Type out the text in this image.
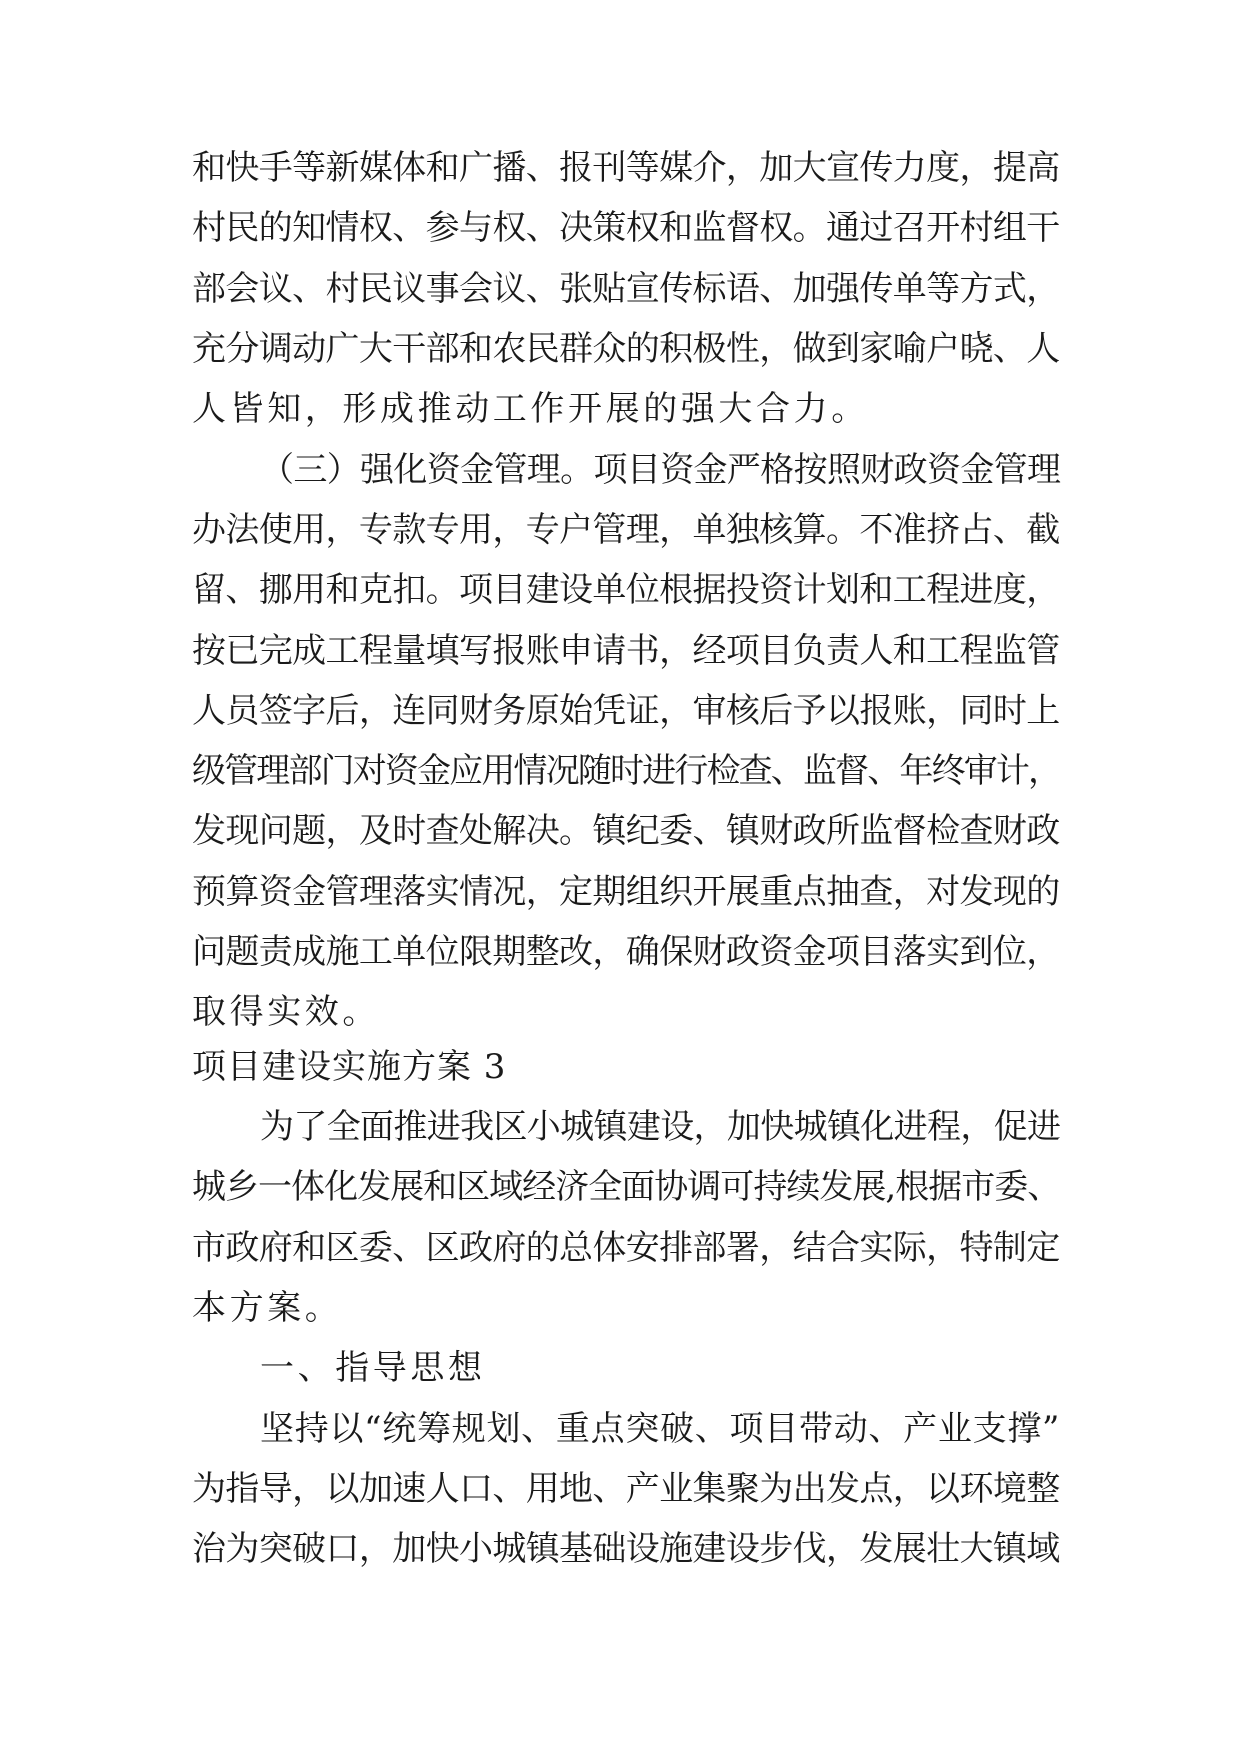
和快手等新媒体和广播、报刊等媒介，加大宣传力度，提高
村民的知情权、参与权、决策权和监督权。通过召开村组干
部会议、村民议事会议、张贴宣传标语、加强传单等方式，
充分调动广大干部和农民群众的积极性，做到家喻户晓、人
人皆知，形成推动工作开展的强大合力。
（三）强化资金管理。项目资金严格按照财政资金管理
办法使用，专款专用，专户管理，单独核算。不准挤占、截
留、挪用和克扣。项目建设单位根据投资计划和工程进度，
按已完成工程量填写报账申请书，经项目负责人和工程监管
人员签字后，连同财务原始凭证，审核后予以报账，同时上
级管理部门对资金应用情况随时进行检查、监督、年终审计，
发现问题，及时查处解决。镇纪委、镇财政所监督检查财政
预算资金管理落实情况，定期组织开展重点抽查，对发现的
问题责成施工单位限期整改，确保财政资金项目落实到位，
取得实效。
项目建设实施方案 3
为了全面推进我区小城镇建设，加快城镇化进程，促进
城乡一体化发展和区域经济全面协调可持续发展,根据市委、
市政府和区委、区政府的总体安排部署，结合实际，特制定
本方案。
一、指导思想
坚持以“统筹规划、重点突破、项目带动、产业支撑”
为指导，以加速人口、用地、产业集聚为出发点，以环境整
治为突破口，加快小城镇基础设施建设步伐，发展壮大镇域
